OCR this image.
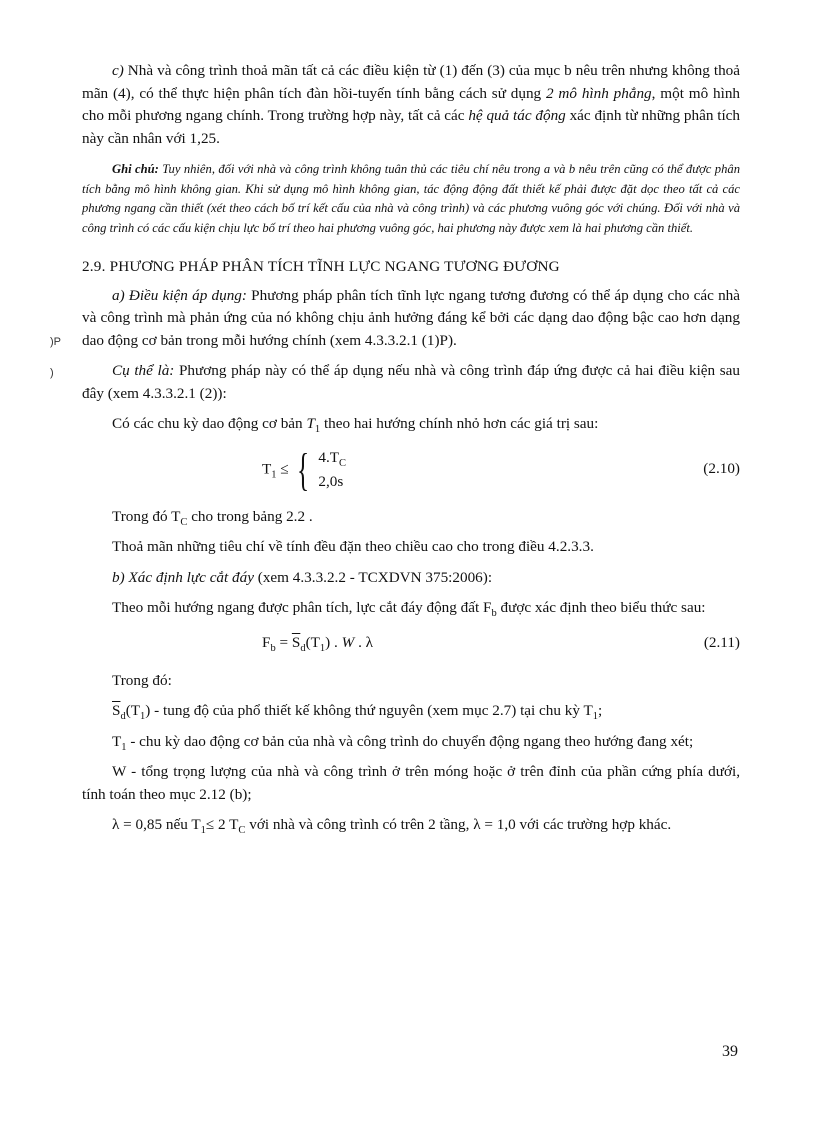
)P
)

c) Nhà và công trình thoả mãn tất cả các điều kiện từ (1) đến (3) của mục b nêu trên nhưng không thoả mãn (4), có thể thực hiện phân tích đàn hồi-tuyến tính bằng cách sử dụng 2 mô hình phẳng, một mô hình cho mỗi phương ngang chính. Trong trường hợp này, tất cả các hệ quả tác động xác định từ những phân tích này cần nhân với 1,25.

Ghi chú: Tuy nhiên, đối với nhà và công trình không tuân thủ các tiêu chí nêu trong a và b nêu trên cũng có thể được phân tích bằng mô hình không gian. Khi sử dụng mô hình không gian, tác động động đất thiết kế phải được đặt dọc theo tất cả các phương ngang cần thiết (xét theo cách bố trí kết cấu của nhà và công trình) và các phương vuông góc với chúng. Đối với nhà và công trình có các cấu kiện chịu lực bố trí theo hai phương vuông góc, hai phương này được xem là hai phương cần thiết.

2.9. PHƯƠNG PHÁP PHÂN TÍCH TĨNH LỰC NGANG TƯƠNG ĐƯƠNG

a) Điều kiện áp dụng: Phương pháp phân tích tĩnh lực ngang tương đương có thể áp dụng cho các nhà và công trình mà phản ứng của nó không chịu ảnh hưởng đáng kể bởi các dạng dao động bậc cao hơn dạng dao động cơ bản trong mỗi hướng chính (xem 4.3.3.2.1 (1)P).

Cụ thể là: Phương pháp này có thể áp dụng nếu nhà và công trình đáp ứng được cả hai điều kiện sau đây (xem 4.3.3.2.1 (2)):

Có các chu kỳ dao động cơ bản $T_1$ theo hai hướng chính nhỏ hơn các giá trị sau:

$T_1$ ≤ { $4.T_C$
2,0s
(2.10)

Trong đó $T_C$ cho trong bảng 2.2 .

Thoả mãn những tiêu chí về tính đều đặn theo chiều cao cho trong điều 4.2.3.3.

b) Xác định lực cắt đáy (xem 4.3.3.2.2 - TCXDVN 375:2006):

Theo mỗi hướng ngang được phân tích, lực cắt đáy động đất $F_b$ được xác định theo biểu thức sau:

$F_b = \overline{S}_d(T_1)$ . W . λ	(2.11)

Trong đó:

$\overline{S}_d(T_1)$ - tung độ của phổ thiết kế không thứ nguyên (xem mục 2.7) tại chu kỳ $T_1$;

$T_1$ - chu kỳ dao động cơ bản của nhà và công trình do chuyển động ngang theo hướng đang xét;

W - tổng trọng lượng của nhà và công trình ở trên móng hoặc ở trên đỉnh của phần cứng phía dưới, tính toán theo mục 2.12 (b);

λ = 0,85 nếu $T_1\le 2$ $T_C$ với nhà và công trình có trên 2 tầng, λ = 1,0 với các trường hợp khác.

39
